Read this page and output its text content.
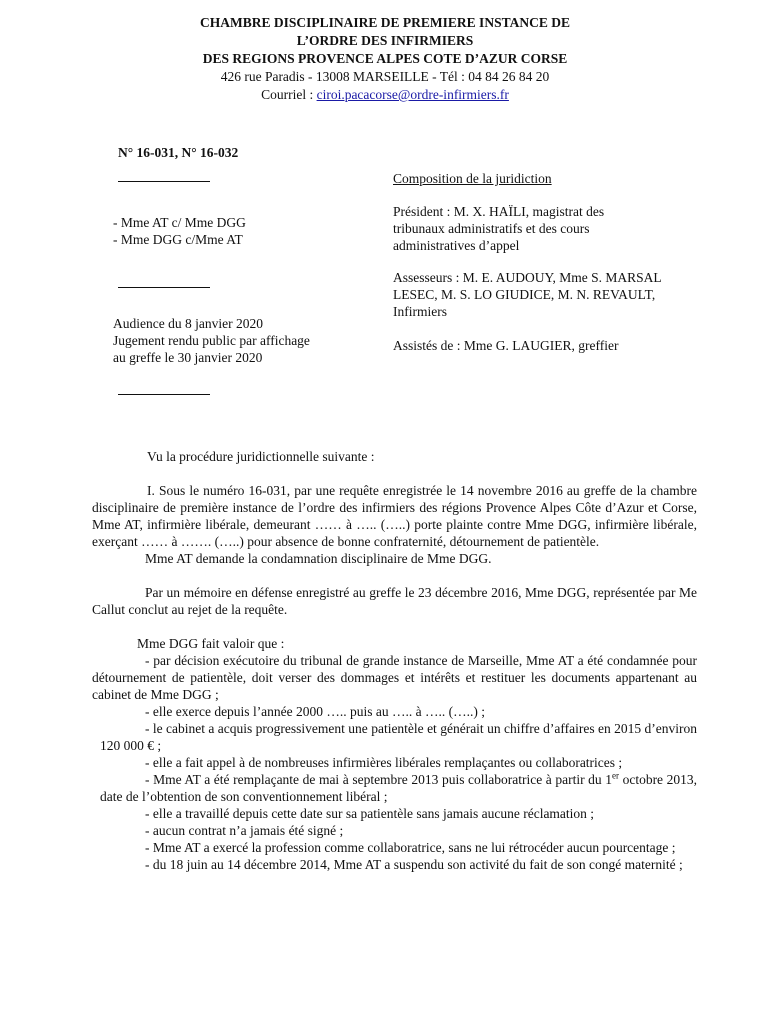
CHAMBRE DISCIPLINAIRE DE PREMIERE INSTANCE DE
L’ORDRE DES INFIRMIERS
DES REGIONS PROVENCE ALPES COTE D’AZUR CORSE
426 rue Paradis - 13008 MARSEILLE - Tél : 04 84 26 84 20
Courriel : ciroi.pacacorse@ordre-infirmiers.fr
N° 16-031, N° 16-032
- Mme AT c/ Mme DGG
- Mme DGG c/Mme AT
Audience du 8 janvier 2020
Jugement rendu public par affichage
au greffe le 30 janvier 2020
Composition de la juridiction
Président : M. X. HAÏLI, magistrat des
tribunaux administratifs et des cours
administratives d’appel
Assesseurs : M. E. AUDOUY, Mme S. MARSAL
LESEC, M. S. LO GIUDICE, M. N. REVAULT,
Infirmiers
Assistés de : Mme G. LAUGIER, greffier

Vu la procédure juridictionnelle suivante :

I. Sous le numéro 16-031, par une requête enregistrée le 14 novembre 2016 au greffe de la chambre disciplinaire de première instance de l’ordre des infirmiers des régions Provence Alpes Côte d’Azur et Corse, Mme AT, infirmière libérale, demeurant …… à ….. (…..) porte plainte contre Mme DGG, infirmière libérale, exerçant …… à ……. (…..) pour absence de bonne confraternité, détournement de patientèle.

Mme AT demande la condamnation disciplinaire de Mme DGG.

Par un mémoire en défense enregistré au greffe le 23 décembre 2016, Mme DGG, représentée par Me Callut conclut au rejet de la requête.

Mme DGG fait valoir que :

- par décision exécutoire du tribunal de grande instance de Marseille, Mme AT a été condamnée pour détournement de patientèle, doit verser des dommages et intérêts et restituer les documents appartenant au cabinet de Mme DGG ;

- elle exerce depuis l’année 2000 ….. puis au ….. à ….. (…..) ;

- le cabinet a acquis progressivement une patientèle et générait un chiffre d’affaires en 2015 d’environ 120 000 € ;

- elle a fait appel à de nombreuses infirmières libérales remplaçantes ou collaboratrices ;

- Mme AT a été remplaçante de mai à septembre 2013 puis collaboratrice à partir du 1er octobre 2013, date de l’obtention de son conventionnement libéral ;

- elle a travaillé depuis cette date sur sa patientèle sans jamais aucune réclamation ;

- aucun contrat n’a jamais été signé ;

- Mme AT a exercé la profession comme collaboratrice, sans ne lui rétrocéder aucun pourcentage ;

- du 18 juin au 14 décembre 2014, Mme AT a suspendu son activité du fait de son congé maternité ;
